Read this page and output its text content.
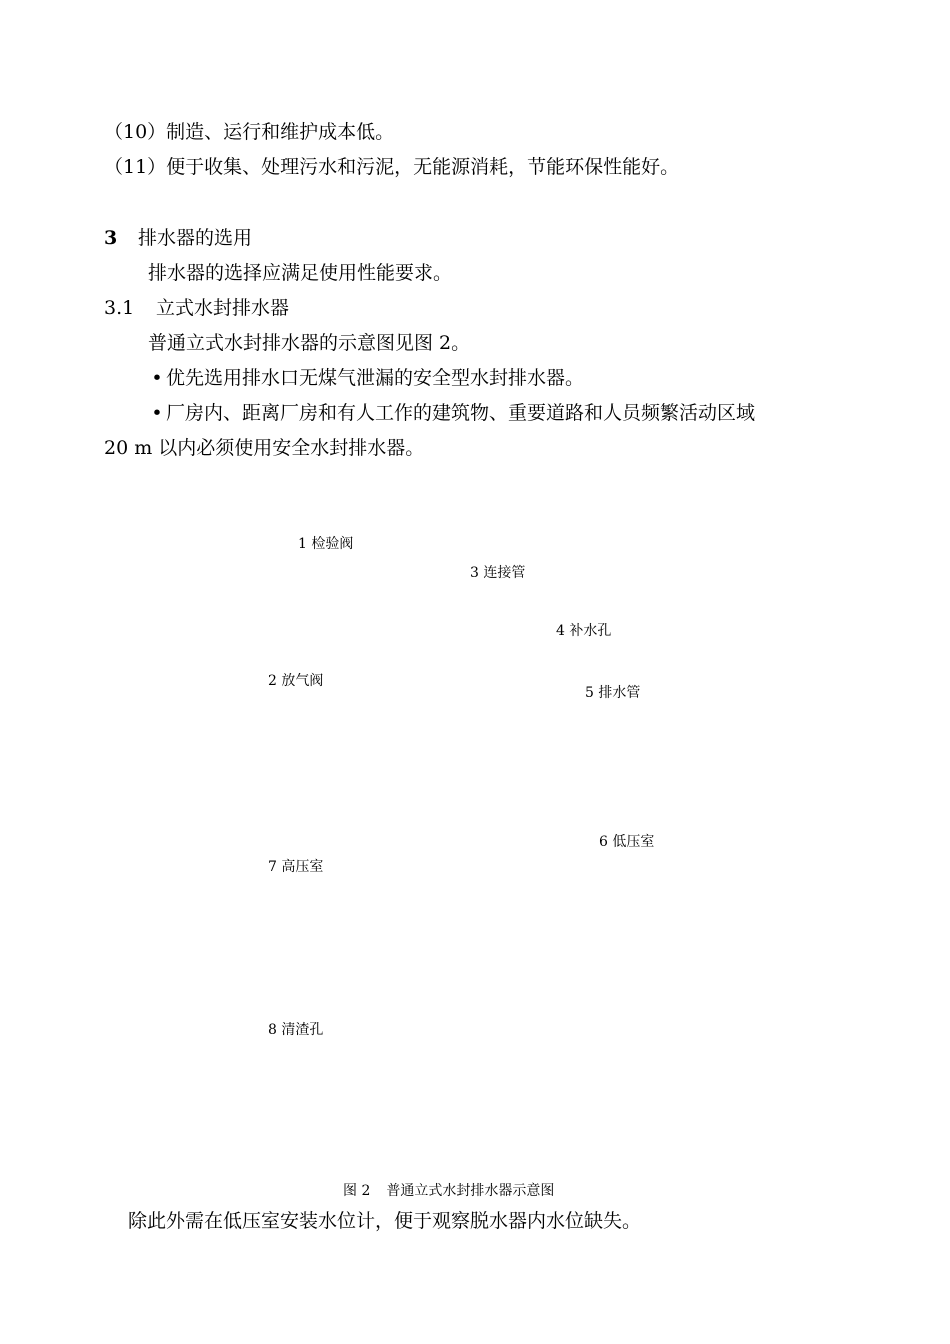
（10）制造、运行和维护成本低。
（11）便于收集、处理污水和污泥，无能源消耗，节能环保性能好。
3 排水器的选用
排水器的选择应满足使用性能要求。
3.1 立式水封排水器
普通立式水封排水器的示意图见图 2。
• 优先选用排水口无煤气泄漏的安全型水封排水器。
• 厂房内、距离厂房和有人工作的建筑物、重要道路和人员频繁活动区域
20 m 以内必须使用安全水封排水器。
1 检验阀
3 连接管
4 补水孔
2 放气阀
5 排水管
6 低压室
7 高压室
8 清渣孔
图 2 普通立式水封排水器示意图
除此外需在低压室安装水位计，便于观察脱水器内水位缺失。
